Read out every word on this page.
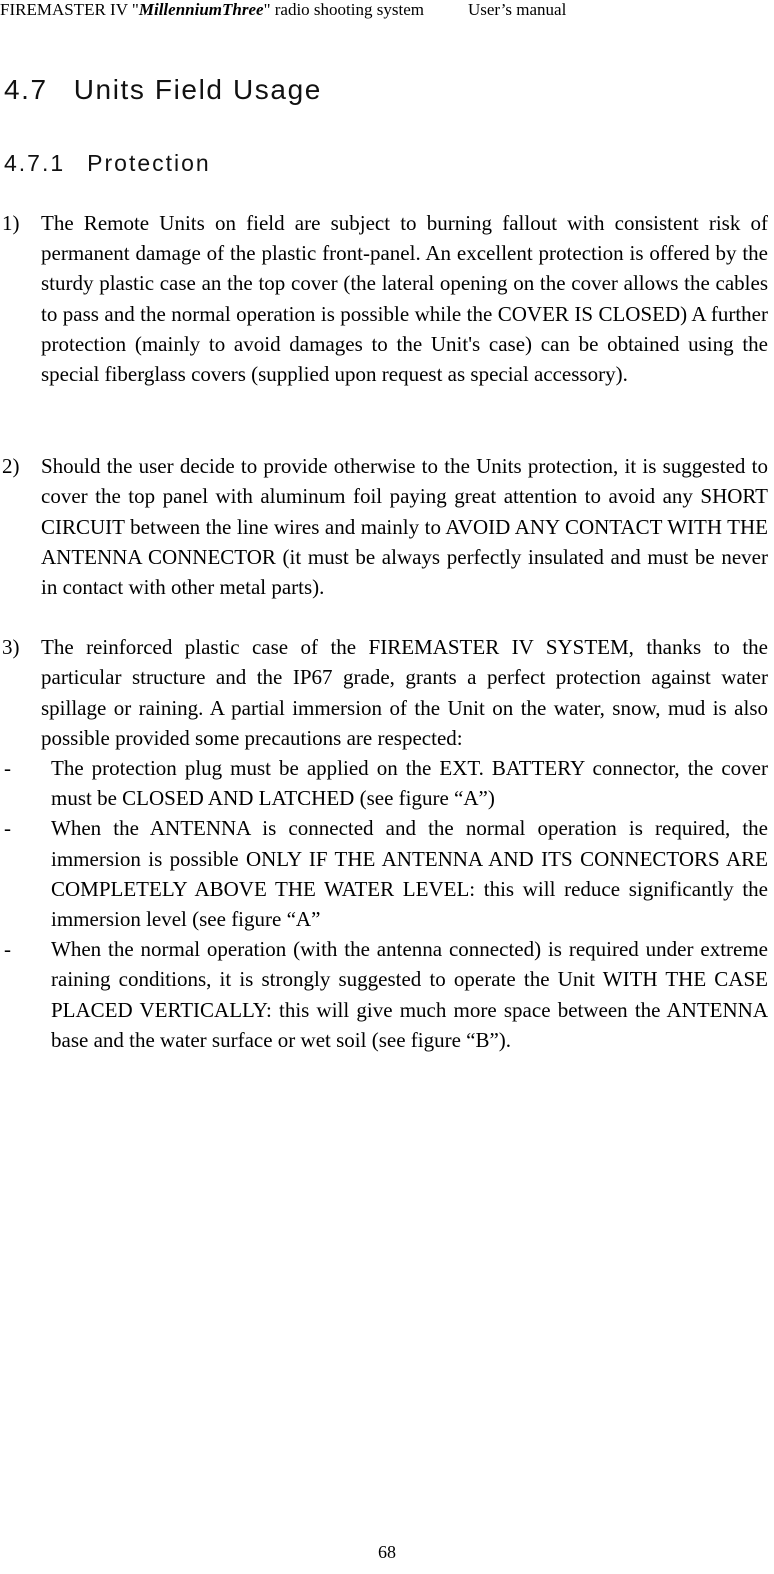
FIREMASTER IV "MillenniumThree" radio shooting system	User’s manual
4.7 Units Field Usage
4.7.1 Protection
1) The Remote Units on field are subject to burning fallout with consistent risk of permanent damage of the plastic front-panel. An excellent protection is offered by the sturdy plastic case an the top cover (the lateral opening on the cover allows the cables to pass and the normal operation is possible while the COVER IS CLOSED) A further protection (mainly to avoid damages to the Unit's case) can be obtained using the special fiberglass covers (supplied upon request as special accessory).
2) Should the user decide to provide otherwise to the Units protection, it is suggested to cover the top panel with aluminum foil paying great attention to avoid any SHORT CIRCUIT between the line wires and mainly to AVOID ANY CONTACT WITH THE ANTENNA CONNECTOR (it must be always perfectly insulated and must be never in contact with other metal parts).
3) The reinforced plastic case of the FIREMASTER IV SYSTEM, thanks to the particular structure and the IP67 grade, grants a perfect protection against water spillage or raining. A partial immersion of the Unit on the water, snow, mud is also possible provided some precautions are respected:
- The protection plug must be applied on the EXT. BATTERY connector, the cover must be CLOSED AND LATCHED (see figure “A”)
- When the ANTENNA is connected and the normal operation is required, the immersion is possible ONLY IF THE ANTENNA AND ITS CONNECTORS ARE COMPLETELY ABOVE THE WATER LEVEL: this will reduce significantly the immersion level (see figure “A”
- When the normal operation (with the antenna connected) is required under extreme raining conditions, it is strongly suggested to operate the Unit WITH THE CASE PLACED VERTICALLY: this will give much more space between the ANTENNA base and the water surface or wet soil (see figure “B”).
68
